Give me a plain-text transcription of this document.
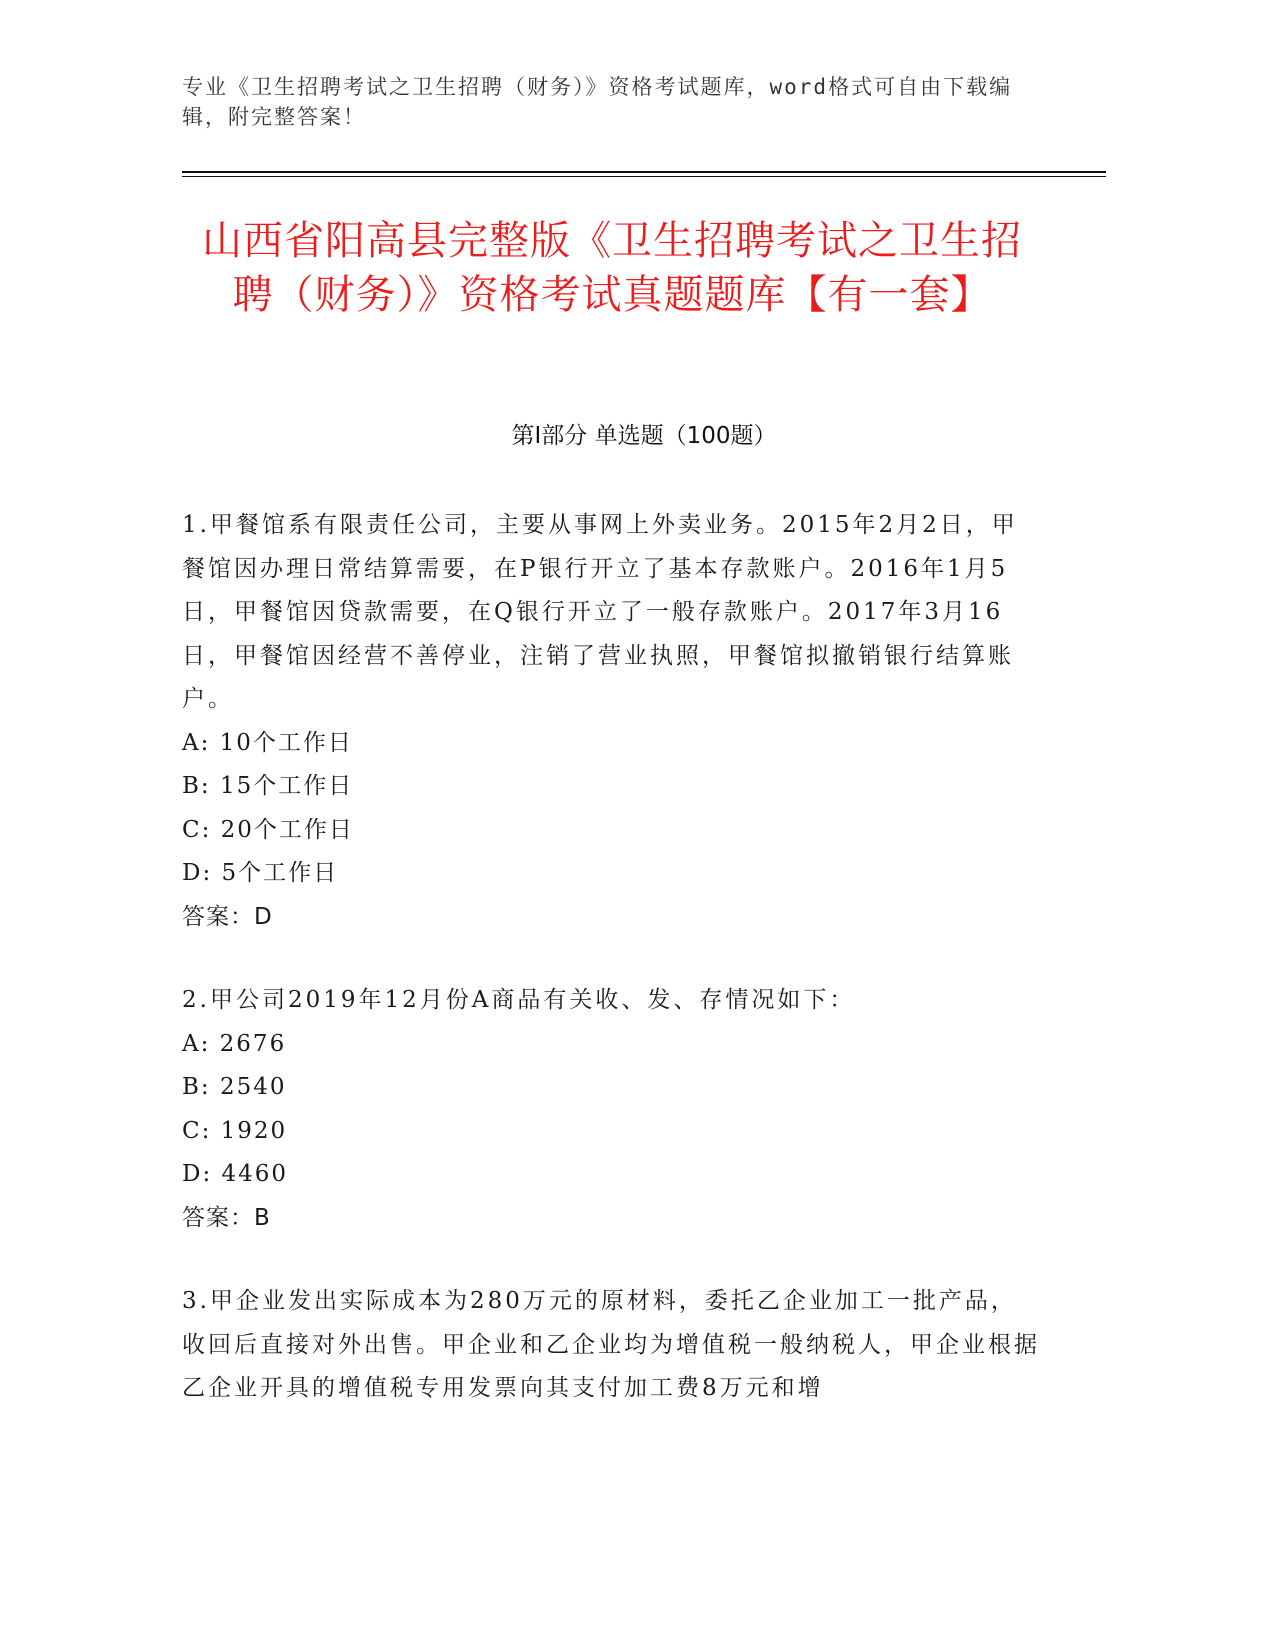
专业《卫生招聘考试之卫生招聘（财务）》资格考试题库，word格式可自由下载编辑，附完整答案！
山西省阳高县完整版《卫生招聘考试之卫生招聘（财务）》资格考试真题题库【有一套】
第I部分 单选题（100题）

1.甲餐馆系有限责任公司，主要从事网上外卖业务。2015年2月2日，甲餐馆因办理日常结算需要，在P银行开立了基本存款账户。2016年1月5日，甲餐馆因贷款需要，在Q银行开立了一般存款账户。2017年3月16日，甲餐馆因经营不善停业，注销了营业执照，甲餐馆拟撤销银行结算账户。

A: 10个工作日

B: 15个工作日

C: 20个工作日

D: 5个工作日

答案：D

2.甲公司2019年12月份A商品有关收、发、存情况如下：

A: 2676

B: 2540

C: 1920

D: 4460

答案：B

3.甲企业发出实际成本为280万元的原材料，委托乙企业加工一批产品，收回后直接对外出售。甲企业和乙企业均为增值税一般纳税人，甲企业根据乙企业开具的增值税专用发票向其支付加工费8万元和增
